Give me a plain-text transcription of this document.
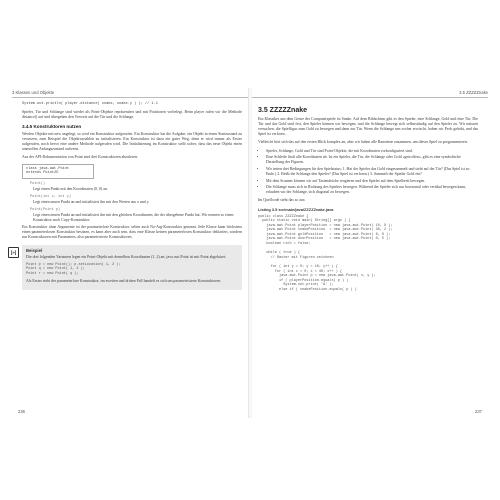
3 Klassen und Objekte
System.out.println( player.distance( snake, snake.y ) ); // 1.1

Spieler, Tür und Schlange sind wieder als Point-Objekte repräsentiert und mit Positionen vorbelegt. Beim player rufen wir die Methode distance() auf und übergeben den Verweis auf die Tür und die Schlange.

3.4.5 Konstruktoren nutzen

Werden Objekte mit new angelegt, so wird ein Konstruktor aufgerufen. Ein Konstruktor hat die Aufgabe, ein Objekt in einen Startzustand zu versetzen, zum Beispiel die Objektvariablen zu initialisieren. Ein Konstruktor ist dazu ein guter Weg, denn er wird immer als Erstes aufgerufen, noch bevor eine andere Methode aufgerufen wird. Die Initialisierung im Konstruktor stellt sicher, dass das neue Objekt einen sinnvollen Anfangszustand aufweist.

Aus der API-Dokumentation von Point sind drei Konstruktoren abzulesen:

class java.awt.Point
extends Point2D
Point()
Legt einen Punkt mit den Koordinaten (0, 0) an.
Point(int x, int y)
Legt einen neuen Punkt an und initialisiert ihn mit den Werten aus x und y.
Point(Point p)
Legt einen neuen Punkt an und initialisiert ihn mit den gleichen Koordinaten, die der übergebene Punkt hat. Wir nennen so einen Konstruktor auch Copy-Konstruktor.

Ein Konstruktor ohne Argumente ist der parameterlose Konstruktor, selten auch No-Arg-Konstruktor genannt. Jede Klasse kann höchstens einen parameterlosen Konstruktor besitzen, es kann aber auch sein, dass eine Klasse keinen parameterlosen Konstruktor deklariert, sondern nur Konstruktoren mit Parametern, also parametrisierte Konstruktoren.

[»]	Beispiel
Die drei folgenden Varianten legen ein Point-Objekt mit denselben Koordinaten (1, 2) an; java.awt.Point ist mit Point abgekürzt:
Point p = new Point(); p.setLocation( 1, 2 );
Point q = new Point( 1, 2 );
Point r = new Point( q );
Als Erstes steht der parameterlose Konstruktor, im zweiten und dritten Fall handelt es sich um parametrisierte Konstruktoren.
236
3.5 ZZZZZnake
3.5 ZZZZZnake

Ein Klassiker aus dem Genre der Computerspiele ist Snake. Auf dem Bildschirm gibt es den Spieler, eine Schlange, Gold und eine Tür. Die Tür und das Gold sind fest, den Spieler können wir bewegen, und die Schlange bewegt sich selbstständig auf den Spieler zu. Wir müssen versuchen, die Spielfigur zum Gold zu bewegen und dann zur Tür. Wenn die Schlange uns vorher erwischt, haben wir Pech gehabt, und das Spiel ist verloren.

Vielleicht hört sich das auf den ersten Blick komplex an, aber wir haben alle Bausteine zusammen, um dieses Spiel zu programmieren:

• Spieler, Schlange, Gold und Tür sind Point-Objekte, die mit Koordinaten vorkonfiguriert sind.
• Eine Schleife läuft alle Koordinaten ab. Ist ein Spieler, die Tür, die Schlange oder Gold «getroffen», gibt es eine symbolische Darstellung der Figuren.
• Wir testen drei Bedingungen für den Spielstatus: 1. Hat der Spieler das Gold eingesammelt und steht auf der Tür? (Das Spiel ist zu Ende.) 2. Beißt die Schlange den Spieler? (Das Spiel ist verloren.) 3. Sammelt der Spieler Gold ein?
• Mit dem Scanner können wir auf Tastendrücke reagieren und den Spieler auf dem Spielbrett bewegen.
• Die Schlange muss sich in Richtung des Spielers bewegen. Während der Spieler sich nur horizontal oder vertikal bewegen kann, erlauben wir der Schlange, sich diagonal zu bewegen.

Im Quellcode sieht das so aus:

Listing 3.5 src/main/java/ZZZZZnake.java
public class ZZZZZnake {
public static void main( String[] args ) {
java.awt.Point playerPosition = new java.awt.Point( 10, 9 );
java.awt.Point snakePosition  = new java.awt.Point( 30, 2 );
java.awt.Point goldPosition   = new java.awt.Point( 6, 6 );
java.awt.Point doorPosition   = new java.awt.Point( 0, 5 );
boolean rich = false;

while ( true ) {
// Raster mit Figuren zeichnen

for ( int y = 0; y < 10; y++ ) {
for ( int x = 0; x < 40; x++ ) {
java.awt.Point p = new java.awt.Point( x, y );
if ( playerPosition.equals( p ) )
System.out.print( '&' );
else if ( snakePosition.equals( p ) )
237
